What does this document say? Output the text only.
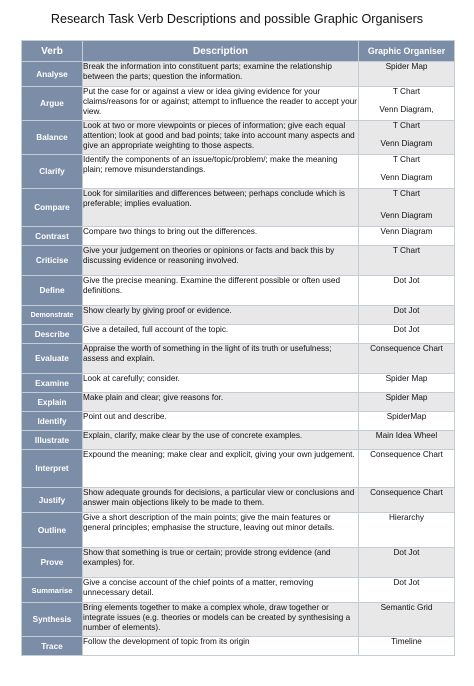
Research Task Verb Descriptions and possible Graphic Organisers
Verb	Description	Graphic Organiser
Analyse	Break the information into constituent parts; examine the relationship between the parts; question the information.	Spider Map

Argue	Put the case for or against a view or idea giving evidence for your claims/reasons for or against; attempt to influence the reader to accept your view.	T Chart
Venn Diagram,

Balance	Look at two or more viewpoints or pieces of information; give each equal attention; look at good and bad points; take into account many aspects and give an appropriate weighting to those aspects.	T Chart
Venn Diagram

Clarify	Identify the components of an issue/topic/problem/; make the meaning plain; remove misunderstandings.	T Chart
Venn Diagram

Compare	Look for similarities and differences between; perhaps conclude which is preferable; implies evaluation.	T Chart
Venn Diagram

Contrast	Compare two things to bring out the differences.	Venn Diagram

Criticise	Give your judgement on theories or opinions or facts and back this by discussing evidence or reasoning involved.	T Chart

Define	Give the precise meaning. Examine the different possible or often used definitions.	Dot Jot

Demonstrate	Show clearly by giving proof or evidence.	Dot Jot

Describe	Give a detailed, full account of the topic.	Dot Jot

Evaluate	Appraise the worth of something in the light of its truth or usefulness; assess and explain.	Consequence Chart

Examine	Look at carefully; consider.	Spider Map

Explain	Make plain and clear; give reasons for.	Spider Map

Identify	Point out and describe.	SpiderMap

Illustrate	Explain, clarify, make clear by the use of concrete examples.	Main Idea Wheel

Interpret	Expound the meaning; make clear and explicit, giving your own judgement.	Consequence Chart

Justify	Show adequate grounds for decisions, a particular view or conclusions and answer main objections likely to be made to them.	Consequence Chart

Outline	Give a short description of the main points; give the main features or general principles; emphasise the structure, leaving out minor details.	Hierarchy

Prove	Show that something is true or certain; provide strong evidence (and examples) for.	Dot Jot

Summarise	Give a concise account of the chief points of a matter, removing unnecessary detail.	Dot Jot

Synthesis	Bring elements together to make a complex whole, draw together or integrate issues (e.g. theories or models can be created by synthesising a number of elements).	Semantic Grid

Trace	Follow the development of topic from its origin	Timeline
